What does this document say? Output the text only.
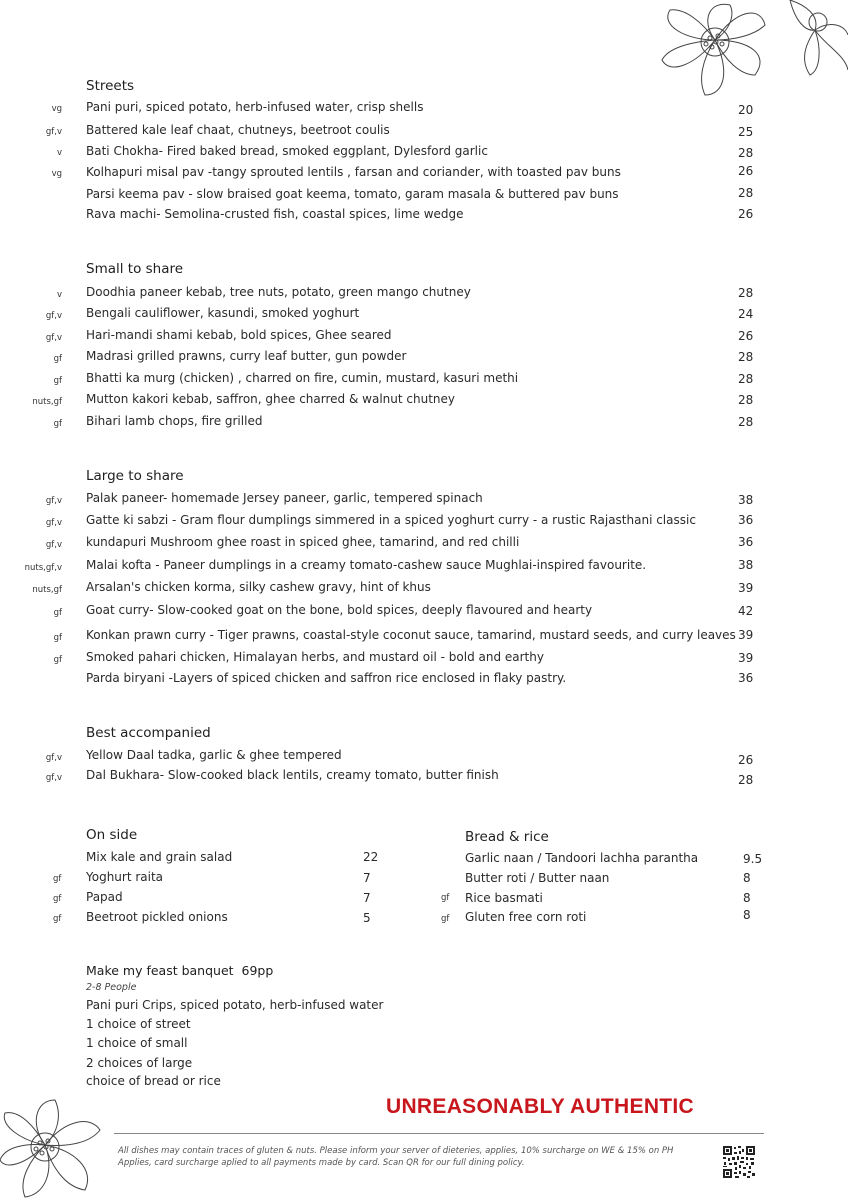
Streets
vg Pani puri, spiced potato, herb-infused water, crisp shells	20
gf,v Battered kale leaf chaat, chutneys, beetroot coulis	25
v Bati Chokha- Fired baked bread, smoked eggplant, Dylesford garlic	28
vg Kolhapuri misal pav -tangy sprouted lentils , farsan and coriander, with toasted pav buns	26
Parsi keema pav - slow braised goat keema, tomato, garam masala & buttered pav buns	28
Rava machi- Semolina-crusted fish, coastal spices, lime wedge	26
Small to share
v Doodhia paneer kebab, tree nuts, potato, green mango chutney	28
gf,v Bengali cauliflower, kasundi, smoked yoghurt	24
gf,v Hari-mandi shami kebab, bold spices, Ghee seared	26
gf Madrasi grilled prawns, curry leaf butter, gun powder	28
gf Bhatti ka murg (chicken) , charred on fire, cumin, mustard, kasuri methi	28
nuts,gf Mutton kakori kebab, saffron, ghee charred & walnut chutney	28
gf Bihari lamb chops, fire grilled	28
Large to share
gf,v Palak paneer- homemade Jersey paneer, garlic, tempered spinach	38
gf,v Gatte ki sabzi - Gram flour dumplings simmered in a spiced yoghurt curry - a rustic Rajasthani classic	36
gf,v kundapuri Mushroom ghee roast in spiced ghee, tamarind, and red chilli	36
nuts,gf,v Malai kofta - Paneer dumplings in a creamy tomato-cashew sauce Mughlai-inspired favourite.	38
nuts,gf Arsalan's chicken korma, silky cashew gravy, hint of khus	39
gf Goat curry- Slow-cooked goat on the bone, bold spices, deeply flavoured and hearty	42
gf Konkan prawn curry - Tiger prawns, coastal-style coconut sauce, tamarind, mustard seeds, and curry leaves 39
gf Smoked pahari chicken, Himalayan herbs, and mustard oil - bold and earthy	39
Parda biryani -Layers of spiced chicken and saffron rice enclosed in flaky pastry.	36
Best accompanied
gf,v Yellow Daal tadka, garlic & ghee tempered	26
gf,v Dal Bukhara- Slow-cooked black lentils, creamy tomato, butter finish	28
On side
Mix kale and grain salad	22
gf Yoghurt raita	7
gf Papad	7
gf Beetroot pickled onions	5
Bread & rice
Garlic naan / Tandoori lachha parantha	9.5
Butter roti / Butter naan	8
gf Rice basmati	8
gf Gluten free corn roti	8
Make my feast banquet  69pp
2-8 People
Pani puri Crips, spiced potato, herb-infused water
1 choice of street
1 choice of small
2 choices of large
choice of bread or rice
UNREASONABLY AUTHENTIC
All dishes may contain traces of gluten & nuts. Please inform your server of dieteries, applies, 10% surcharge on WE & 15% on PH Applies, card surcharge aplied to all payments made by card. Scan QR for our full dining policy.
